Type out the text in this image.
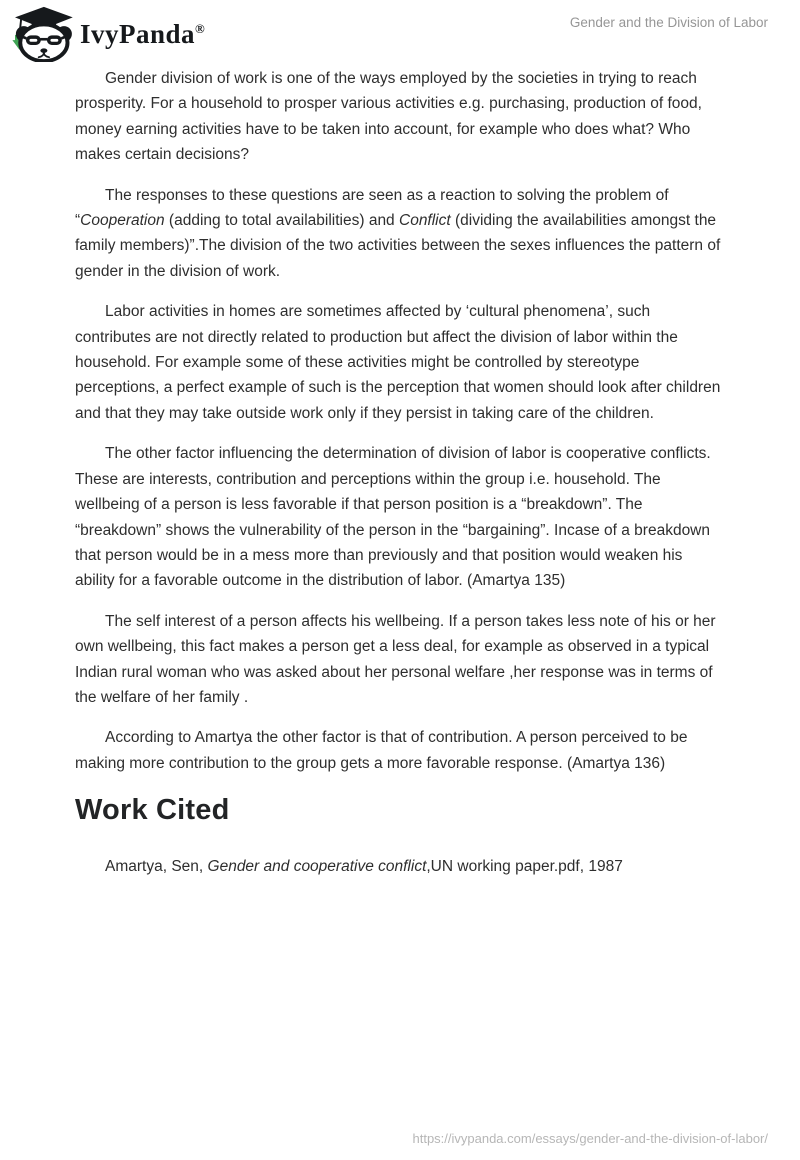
IvyPanda®	Gender and the Division of Labor

Gender division of work is one of the ways employed by the societies in trying to reach prosperity. For a household to prosper various activities e.g. purchasing, production of food, money earning activities have to be taken into account, for example who does what? Who makes certain decisions?

The responses to these questions are seen as a reaction to solving the problem of “Cooperation (adding to total availabilities) and Conflict (dividing the availabilities amongst the family members)”.The division of the two activities between the sexes influences the pattern of gender in the division of work.

Labor activities in homes are sometimes affected by ‘cultural phenomena’, such contributes are not directly related to production but affect the division of labor within the household. For example some of these activities might be controlled by stereotype perceptions, a perfect example of such is the perception that women should look after children and that they may take outside work only if they persist in taking care of the children.

The other factor influencing the determination of division of labor is cooperative conflicts. These are interests, contribution and perceptions within the group i.e. household. The wellbeing of a person is less favorable if that person position is a “breakdown”. The “breakdown” shows the vulnerability of the person in the “bargaining”. Incase of a breakdown that person would be in a mess more than previously and that position would weaken his ability for a favorable outcome in the distribution of labor. (Amartya 135)

The self interest of a person affects his wellbeing. If a person takes less note of his or her own wellbeing, this fact makes a person get a less deal, for example as observed in a typical Indian rural woman who was asked about her personal welfare ,her response was in terms of the welfare of her family .

According to Amartya the other factor is that of contribution. A person perceived to be making more contribution to the group gets a more favorable response. (Amartya 136)

Work Cited

Amartya, Sen, Gender and cooperative conflict,UN working paper.pdf, 1987

https://ivypanda.com/essays/gender-and-the-division-of-labor/
